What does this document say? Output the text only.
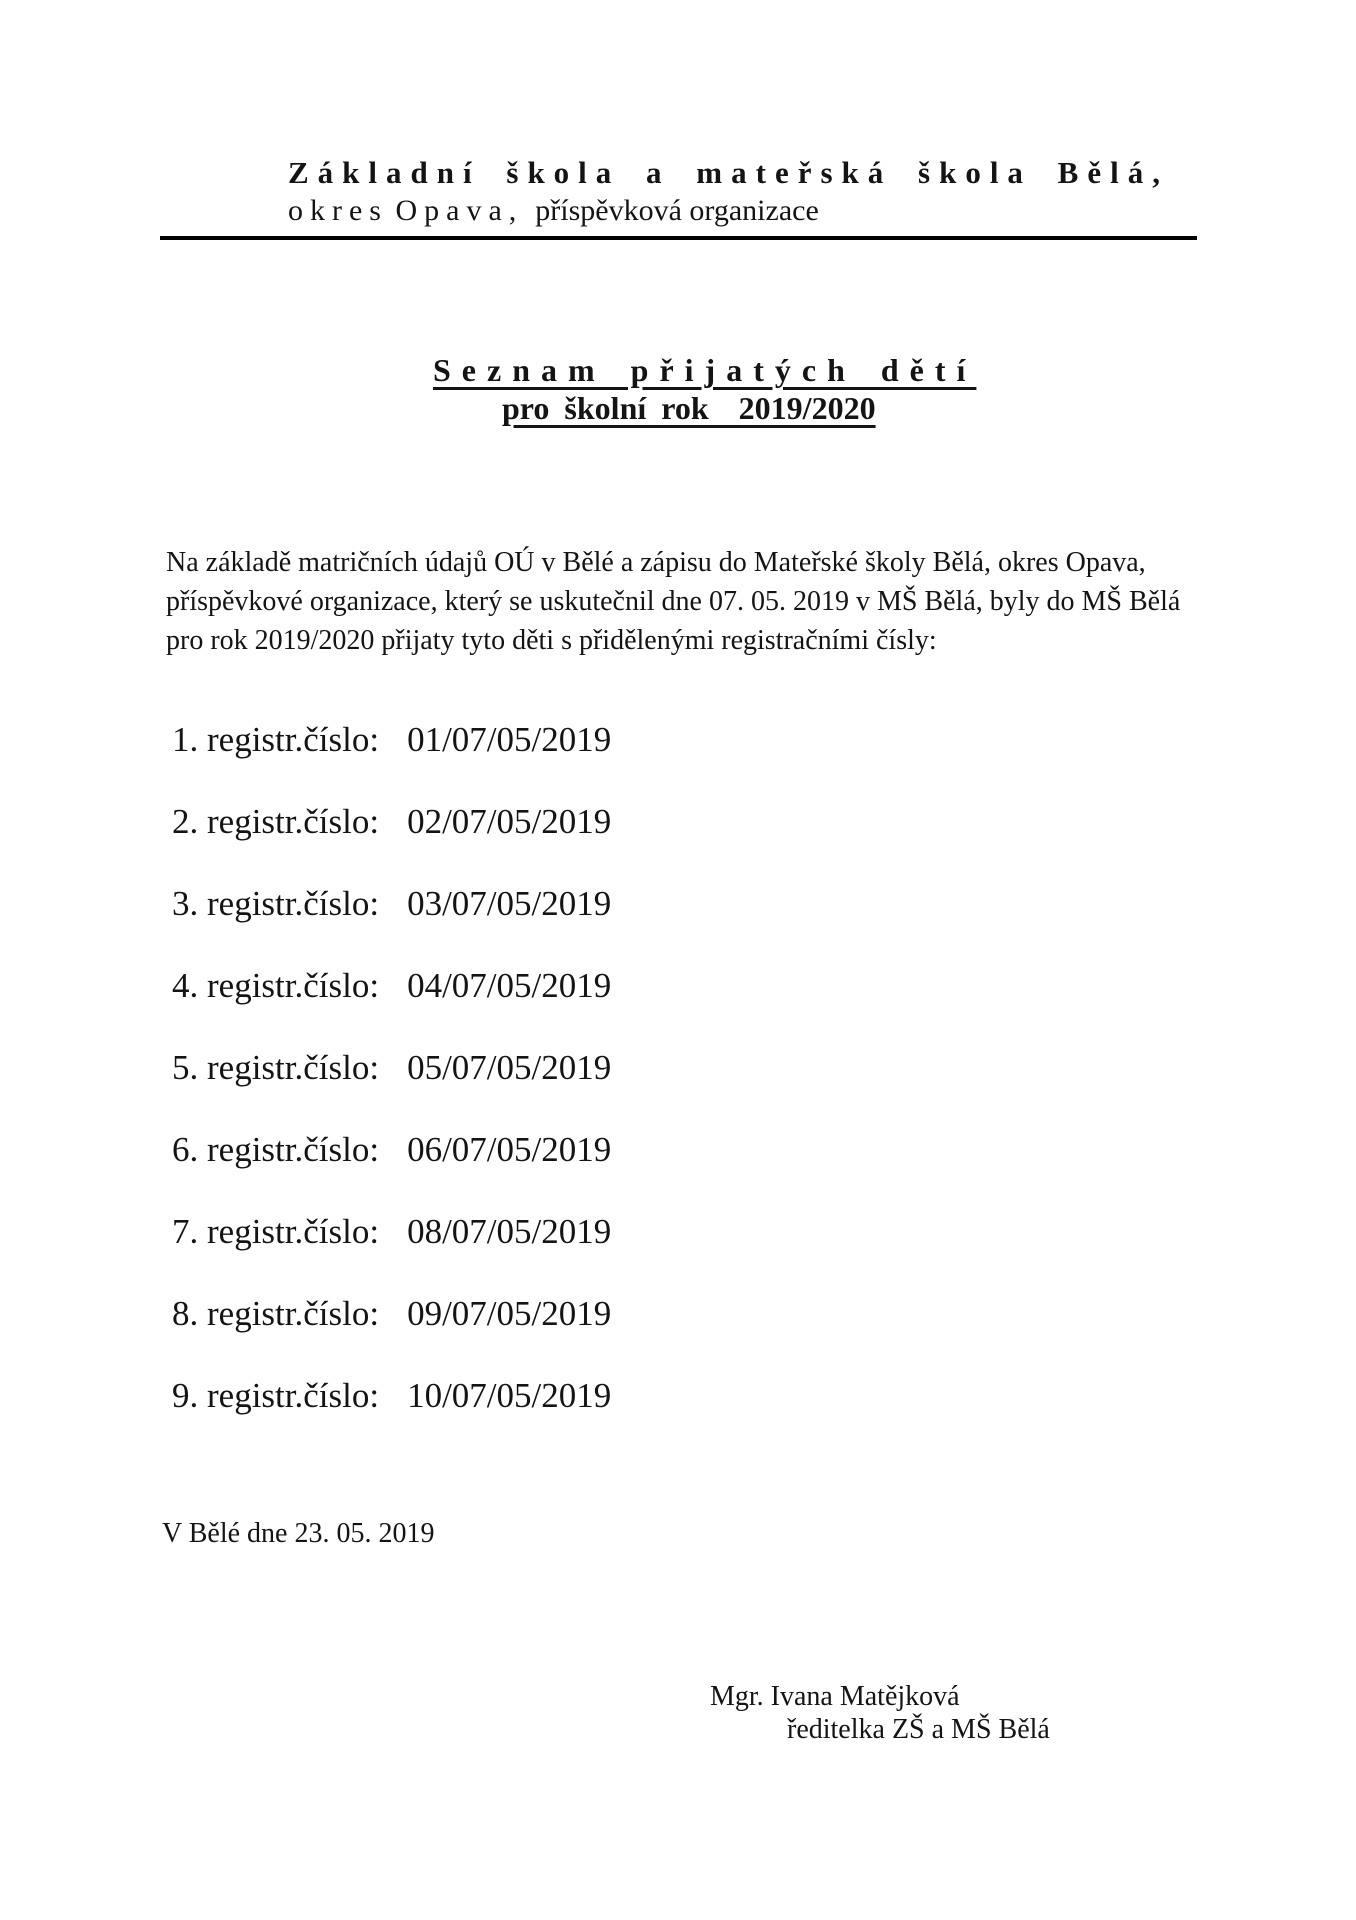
Základní škola a mateřská škola Bělá,
okres Opava, příspěvková organizace
Seznam přijatých dětí
pro školní rok  2019/2020
Na základě matričních údajů OÚ v Bělé a zápisu do Mateřské školy Bělá, okres Opava,
příspěvkové organizace, který se uskutečnil dne 07. 05. 2019 v MŠ Bělá, byly do MŠ Bělá
pro rok 2019/2020 přijaty tyto děti s přidělenými registračními čísly:
1. registr.číslo: 01/07/05/2019
2. registr.číslo: 02/07/05/2019
3. registr.číslo: 03/07/05/2019
4. registr.číslo: 04/07/05/2019
5. registr.číslo: 05/07/05/2019
6. registr.číslo: 06/07/05/2019
7. registr.číslo: 08/07/05/2019
8. registr.číslo: 09/07/05/2019
9. registr.číslo: 10/07/05/2019
V Bělé dne 23. 05. 2019
Mgr. Ivana Matějková
ředitelka ZŠ a MŠ Bělá
